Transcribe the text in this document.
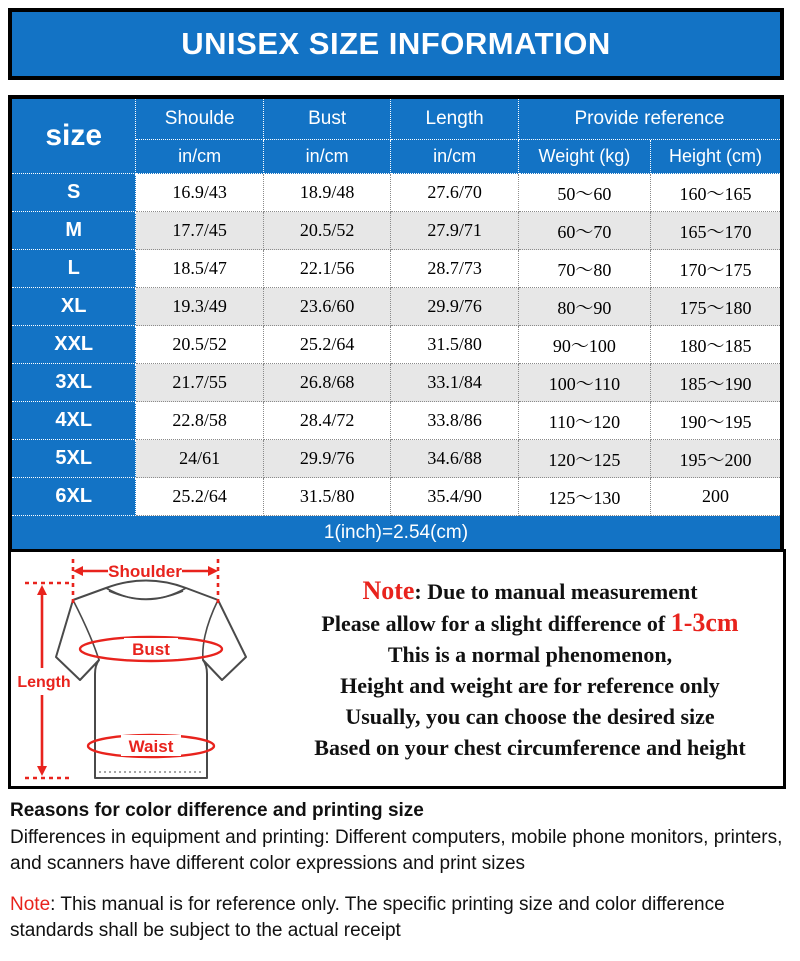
UNISEX SIZE INFORMATION
size	Shoulde	Bust	Length	Provide reference	
	in/cm	in/cm	in/cm	Weight (kg)	Height (cm)
S	16.9/43	18.9/48	27.6/70	50～60	160～165
M	17.7/45	20.5/52	27.9/71	60～70	165～170
L	18.5/47	22.1/56	28.7/73	70～80	170～175
XL	19.3/49	23.6/60	29.9/76	80～90	175～180
XXL	20.5/52	25.2/64	31.5/80	90～100	180～185
3XL	21.7/55	26.8/68	33.1/84	100～110	185～190
4XL	22.8/58	28.4/72	33.8/86	110～120	190～195
5XL	24/61	29.9/76	34.6/88	120～125	195～200
6XL	25.2/64	31.5/80	35.4/90	125～130	200
1(inch)=2.54(cm)					
Shoulder
Length
Bust
Waist
Note: Due to manual measurement
Please allow for a slight difference of 1-3cm
This is a normal phenomenon,
Height and weight are for reference only
Usually, you can choose the desired size
Based on your chest circumference and height
Reasons for color difference and printing size
Differences in equipment and printing: Different computers, mobile phone monitors, printers, and scanners have different color expressions and print sizes
Note: This manual is for reference only. The specific printing size and color difference standards shall be subject to the actual receipt
